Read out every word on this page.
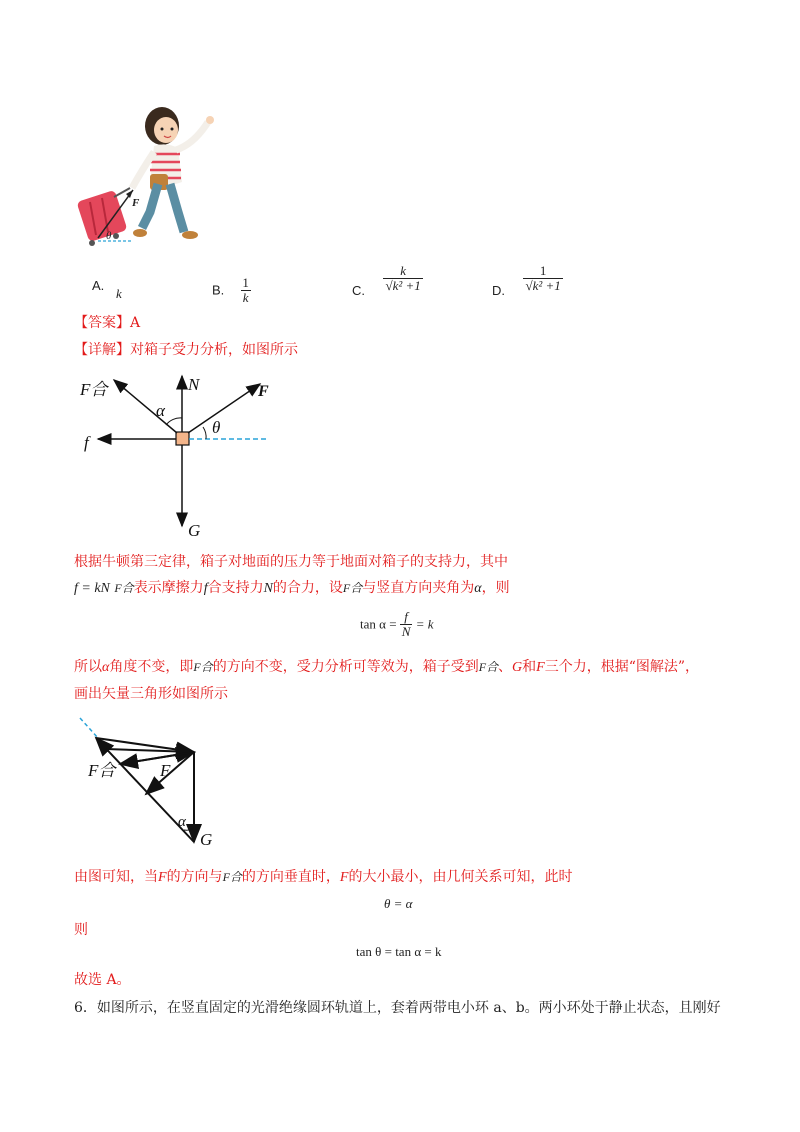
F
θ
A.
k	B. $\frac{1}{k}$	C. $\frac{k}{\text{√k² +1}}$	D. $\frac{1}{\text{√k² +1}}$
【答案】A
【详解】对箱子受力分析，如图所示
F合	N	F
f
G
α
θ
根据牛顿第三定律，箱子对地面的压力等于地面对箱子的支持力，其中
f = kN F合表示摩擦力f合支持力N的合力，设F合与竖直方向夹角为α，则
$\tan \alpha = \frac{f}{N} = k$
所以α角度不变，即F合的方向不变，受力分析可等效为，箱子受到F合、G和F三个力，根据“图解法”，
画出矢量三角形如图所示
F合	F
α
G
由图可知，当F的方向与F合的方向垂直时，F的大小最小，由几何关系可知，此时
θ = α
则
tan θ = tan α = k
故选 A。
6．如图所示，在竖直固定的光滑绝缘圆环轨道上，套着两带电小环 a、b。两小环处于静止状态，且刚好
